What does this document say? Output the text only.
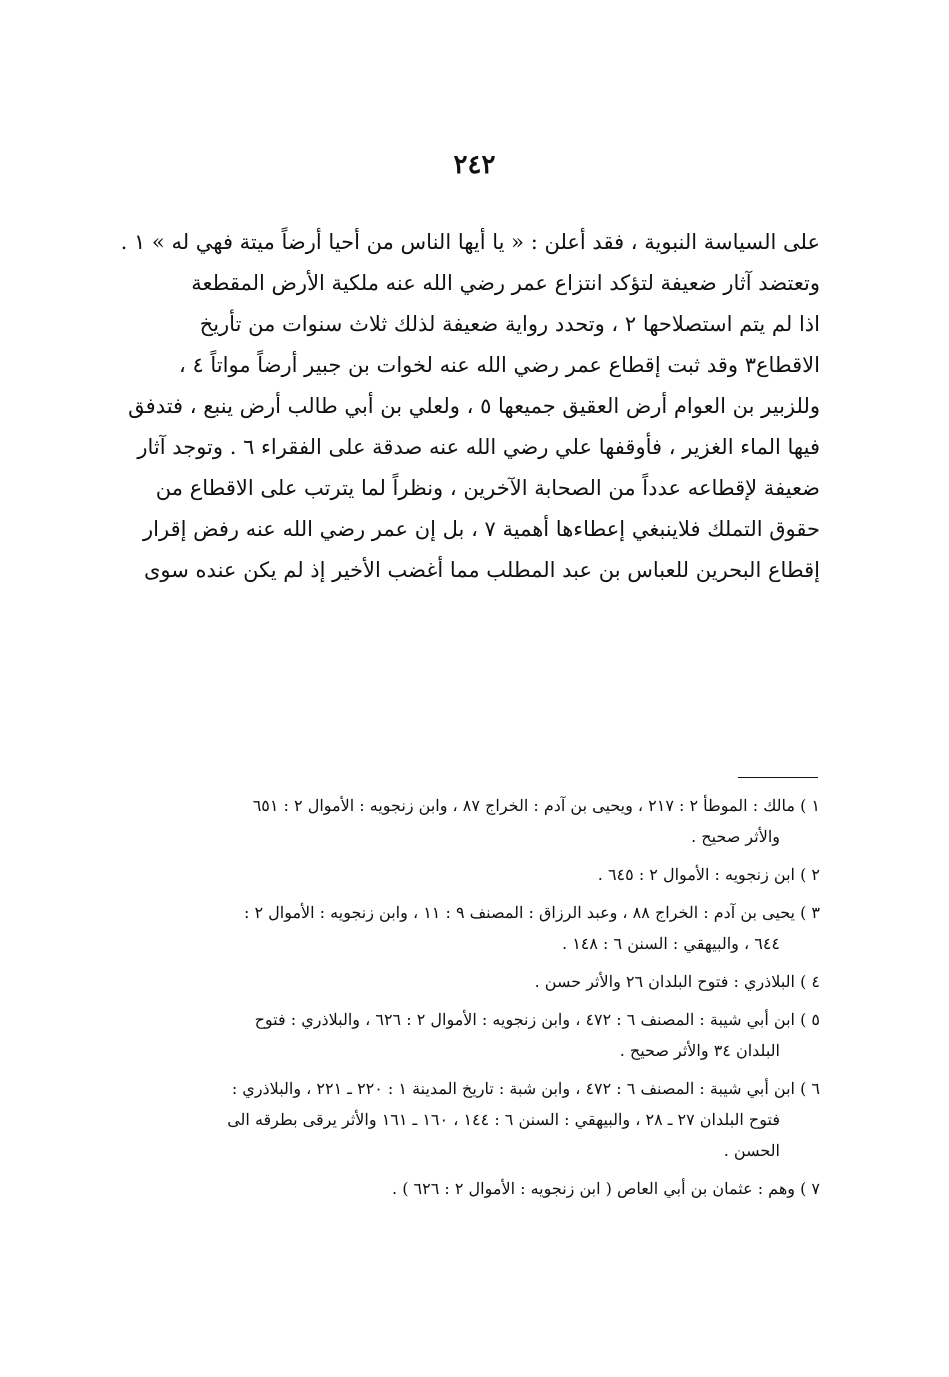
٢٤٢
على السياسة النبوية ، فقد أعلن : « يا أيها الناس من أحيا أرضاً ميتة فهي له » ١ .
وتعتضد آثار ضعيفة لتؤكد انتزاع عمر رضي الله عنه ملكية الأرض المقطعة
اذا لم يتم استصلاحها ٢ ، وتحدد رواية ضعيفة لذلك ثلاث سنوات من تأريخ
الاقطاع٣ وقد ثبت إقطاع عمر رضي الله عنه لخوات بن جبير أرضاً مواتاً ٤ ،
وللزبير بن العوام أرض العقيق جميعها ٥ ، ولعلي بن أبي طالب أرض ينبع ، فتدفق
فيها الماء الغزير ، فأوقفها علي رضي الله عنه صدقة على الفقراء ٦ . وتوجد آثار
ضعيفة لإقطاعه عدداً من الصحابة الآخرين ، ونظراً لما يترتب على الاقطاع من
حقوق التملك فلاينبغي إعطاءها أهمية ٧ ، بل إن عمر رضي الله عنه رفض إقرار
إقطاع البحرين للعباس بن عبد المطلب مما أغضب الأخير إذ لم يكن عنده سوى
١ ) مالك : الموطأ ٢ : ٢١٧ ، ويحيى بن آدم : الخراج ٨٧ ، وابن زنجويه : الأموال ٢ : ٦٥١
والأثر صحيح .
٢ ) ابن زنجويه : الأموال ٢ : ٦٤٥ .
٣ ) يحيى بن آدم : الخراج ٨٨ ، وعبد الرزاق : المصنف ٩ : ١١ ، وابن زنجويه : الأموال ٢ :
٦٤٤ ، والبيهقي : السنن ٦ : ١٤٨ .
٤ ) البلاذري : فتوح البلدان ٢٦ والأثر حسن .
٥ ) ابن أبي شيبة : المصنف ٦ : ٤٧٢ ، وابن زنجويه : الأموال ٢ : ٦٢٦ ، والبلاذري : فتوح
البلدان ٣٤ والأثر صحيح .
٦ ) ابن أبي شيبة : المصنف ٦ : ٤٧٢ ، وابن شبة : تاريخ المدينة ١ : ٢٢٠ ـ ٢٢١ ، والبلاذري :
فتوح البلدان ٢٧ ـ ٢٨ ، والبيهقي : السنن ٦ : ١٤٤ ، ١٦٠ ـ ١٦١ والأثر يرقى بطرقه الى
الحسن .
٧ ) وهم : عثمان بن أبي العاص ( ابن زنجويه : الأموال ٢ : ٦٢٦ ) .
